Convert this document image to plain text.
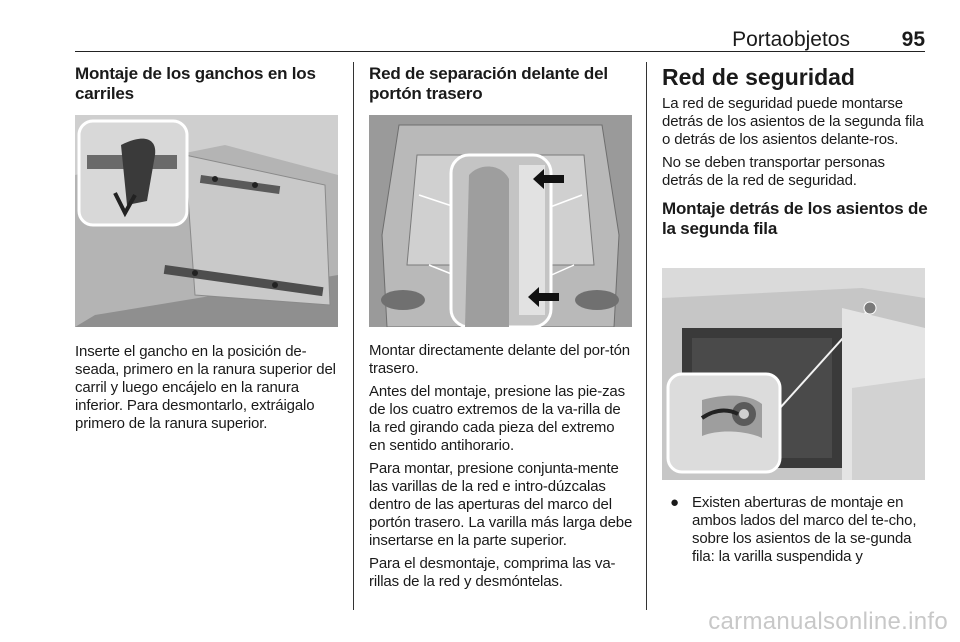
Portaobjetos 95
Montaje de los ganchos en los carriles

Inserte el gancho en la posición de-seada, primero en la ranura superior del carril y luego encájelo en la ranura inferior. Para desmontarlo, extráigalo primero de la ranura superior.

Red de separación delante del portón trasero

Montar directamente delante del por-tón trasero.

Antes del montaje, presione las pie-zas de los cuatro extremos de la va-rilla de la red girando cada pieza del extremo en sentido antihorario.

Para montar, presione conjunta-mente las varillas de la red e intro-dúzcalas dentro de las aperturas del marco del portón trasero. La varilla más larga debe insertarse en la parte superior.

Para el desmontaje, comprima las va-rillas de la red y desmóntelas.

Red de seguridad

La red de seguridad puede montarse detrás de los asientos de la segunda fila o detrás de los asientos delante-ros.

No se deben transportar personas detrás de la red de seguridad.

Montaje detrás de los asientos de la segunda fila
● Existen aberturas de montaje en ambos lados del marco del te-cho, sobre los asientos de la se-gunda fila: la varilla suspendida y
carmanualsonline.info
